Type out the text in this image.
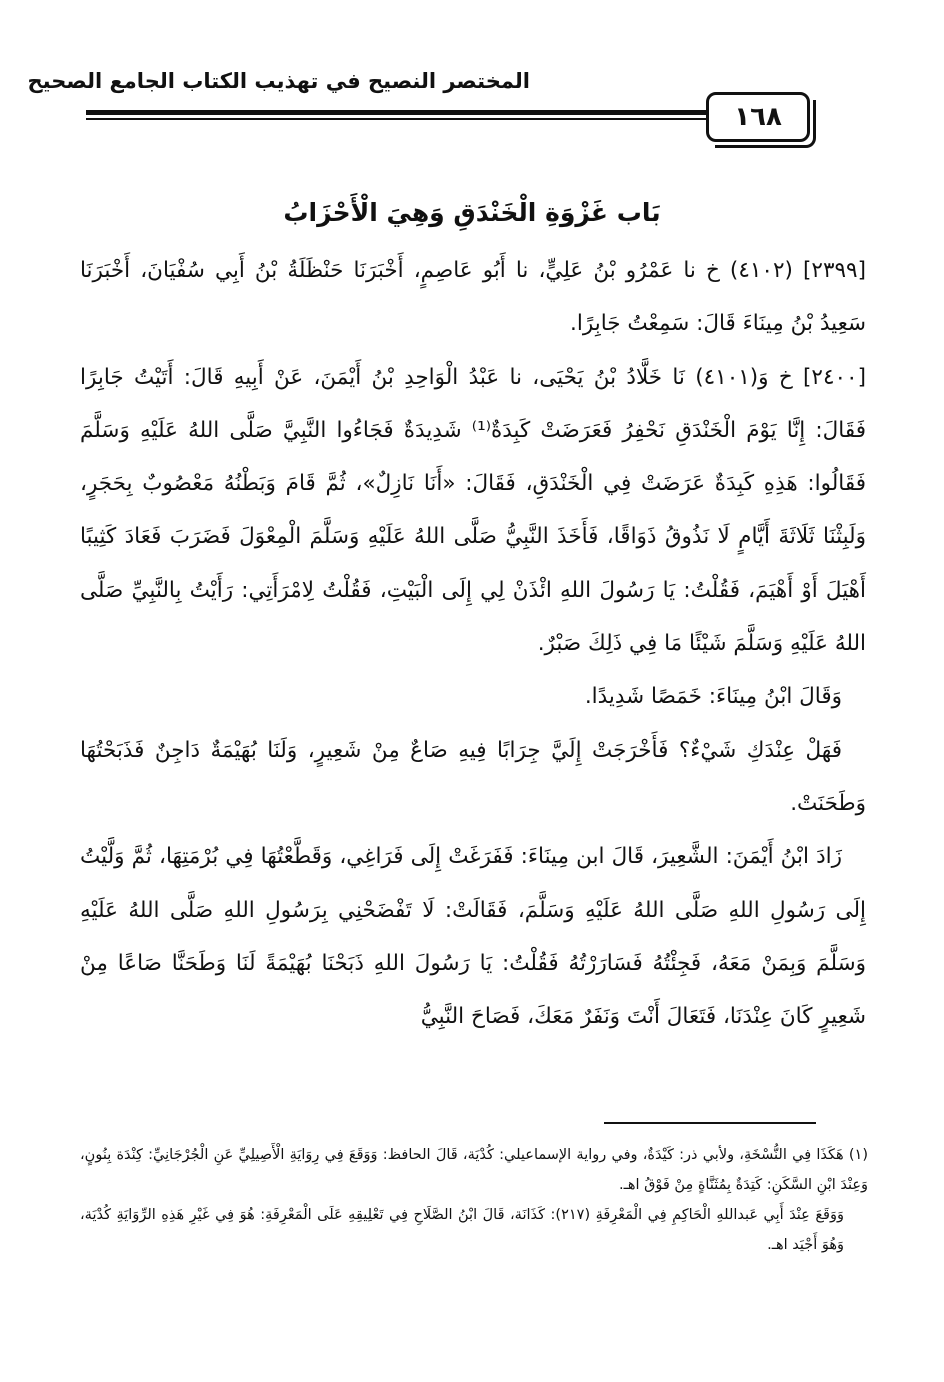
المختصر النصيح في تهذيب الكتاب الجامع الصحيح
١٦٨
بَاب غَزْوَةِ الْخَنْدَقِ وَهِيَ الْأَحْزَابُ

[٢٣٩٩] (٤١٠٢) خ نا عَمْرُو بْنُ عَلِيٍّ، نا أَبُو عَاصِمٍ، أَخْبَرَنَا حَنْظَلَةُ بْنُ أَبِي سُفْيَانَ، أَخْبَرَنَا سَعِيدُ بْنُ مِينَاءَ قَالَ: سَمِعْتُ جَابِرًا.

[٢٤٠٠] خ وَ(٤١٠١) نَا خَلَّادُ بْنُ يَحْيَى، نا عَبْدُ الْوَاحِدِ بْنُ أَيْمَنَ، عَنْ أَبِيهِ قَالَ: أَتَيْتُ جَابِرًا فَقَالَ: إِنَّا يَوْمَ الْخَنْدَقِ نَحْفِرُ فَعَرَضَتْ كَبِدَةٌ⁽¹⁾ شَدِيدَةٌ فَجَاءُوا النَّبِيَّ صَلَّى اللهُ عَلَيْهِ وَسَلَّمَ فَقَالُوا: هَذِهِ كَبِدَةٌ عَرَضَتْ فِي الْخَنْدَقِ، فَقَالَ: «أَنَا نَازِلٌ»، ثُمَّ قَامَ وَبَطْنُهُ مَعْصُوبٌ بِحَجَرٍ، وَلَبِثْنَا ثَلَاثَةَ أَيَّامٍ لَا نَذُوقُ ذَوَاقًا، فَأَخَذَ النَّبِيُّ صَلَّى اللهُ عَلَيْهِ وَسَلَّمَ الْمِعْوَلَ فَضَرَبَ فَعَادَ كَثِيبًا أَهْيَلَ أَوْ أَهْيَمَ، فَقُلْتُ: يَا رَسُولَ اللهِ ائْذَنْ لِي إِلَى الْبَيْتِ، فَقُلْتُ لِامْرَأَتِي: رَأَيْتُ بِالنَّبِيِّ صَلَّى اللهُ عَلَيْهِ وَسَلَّمَ شَيْئًا مَا فِي ذَلِكَ صَبْرٌ.

وَقَالَ ابْنُ مِينَاءَ: خَمَصًا شَدِيدًا.

فَهَلْ عِنْدَكِ شَيْءٌ؟ فَأَخْرَجَتْ إِلَيَّ جِرَابًا فِيهِ صَاعٌ مِنْ شَعِيرٍ، وَلَنَا بُهَيْمَةٌ دَاجِنٌ فَذَبَحْتُهَا وَطَحَنَتْ.

زَادَ ابْنُ أَيْمَنَ: الشَّعِيرَ، قَالَ ابن مِينَاءَ: فَفَرَغَتْ إِلَى فَرَاغِي، وَقَطَّعْتُهَا فِي بُرْمَتِهَا، ثُمَّ وَلَّيْتُ إِلَى رَسُولِ اللهِ صَلَّى اللهُ عَلَيْهِ وَسَلَّمَ، فَقَالَتْ: لَا تَفْضَحْنِي بِرَسُولِ اللهِ صَلَّى اللهُ عَلَيْهِ وَسَلَّمَ وَبِمَنْ مَعَهُ، فَجِئْتُهُ فَسَارَرْتُهُ فَقُلْتُ: يَا رَسُولَ اللهِ ذَبَحْنَا بُهَيْمَةً لَنَا وَطَحَنَّا صَاعًا مِنْ شَعِيرٍ كَانَ عِنْدَنَا، فَتَعَالَ أَنْتَ وَنَفَرٌ مَعَكَ، فَصَاحَ النَّبِيُّ

(١) هَكَذَا فِي النُّسْخَةِ، ولأبي ذر: كَيْدَةٌ، وفي رواية الإسماعيلي: كُدْيَة، قَالَ الحافظ: وَوَقَعَ فِي رِوَايَةِ الْأَصِيلِيِّ عَنِ الْجُرْجَانِيِّ: كِنْدَة بِنُونٍ، وَعِنْدَ ابْنِ السَّكَنِ: كَتِدَةٌ بِمُثَنَّاةٍ مِنْ فَوْقُ اهـ.

وَوَقَعَ عِنْدَ أَبِي عَبداللهِ الْحَاكِمِ فِي الْمَعْرِفَةِ (٢١٧): كَذَانَة، قَالَ ابْنُ الصَّلَاحِ فِي تَعْلِيقِهِ عَلَى الْمَعْرِفَةِ: هُوَ فِي غَيْرِ هَذِهِ الرِّوَايَةِ كُدْيَة، وَهُوَ أَجْيَد اهـ.
